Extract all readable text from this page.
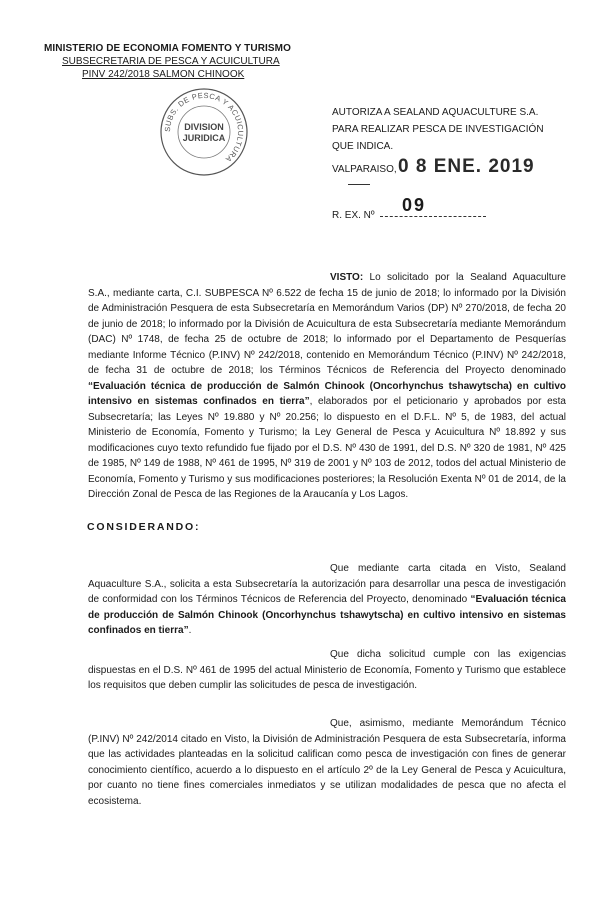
MINISTERIO DE ECONOMIA FOMENTO Y TURISMO
SUBSECRETARIA DE PESCA Y ACUICULTURA
PINV 242/2018 SALMON CHINOOK
SUBS. DE PESCA Y ACUICULTURA
DIVISION
JURIDICA
AUTORIZA A SEALAND AQUACULTURE S.A. PARA REALIZAR PESCA DE INVESTIGACIÓN QUE INDICA.
VALPARAISO, 0 8 ENE. 2019
R. EX. Nº
09
VISTO: Lo solicitado por la Sealand Aquaculture S.A., mediante carta, C.I. SUBPESCA Nº 6.522 de fecha 15 de junio de 2018; lo informado por la División de Administración Pesquera de esta Subsecretaría en Memorándum Varios (DP) Nº 270/2018, de fecha 20 de junio de 2018; lo informado por la División de Acuicultura de esta Subsecretaría mediante Memorándum (DAC) Nº 1748, de fecha 25 de octubre de 2018; lo informado por el Departamento de Pesquerías mediante Informe Técnico (P.INV) Nº 242/2018, contenido en Memorándum Técnico (P.INV) Nº 242/2018, de fecha 31 de octubre de 2018; los Términos Técnicos de Referencia del Proyecto denominado “Evaluación técnica de producción de Salmón Chinook (Oncorhynchus tshawytscha) en cultivo intensivo en sistemas confinados en tierra”, elaborados por el peticionario y aprobados por esta Subsecretaría; las Leyes Nº 19.880 y Nº 20.256; lo dispuesto en el D.F.L. Nº 5, de 1983, del actual Ministerio de Economía, Fomento y Turismo; la Ley General de Pesca y Acuicultura Nº 18.892 y sus modificaciones cuyo texto refundido fue fijado por el D.S. Nº 430 de 1991, del D.S. Nº 320 de 1981, Nº 425 de 1985, Nº 149 de 1988, Nº 461 de 1995, Nº 319 de 2001 y Nº 103 de 2012, todos del actual Ministerio de Economía, Fomento y Turismo y sus modificaciones posteriores; la Resolución Exenta Nº 01 de 2014, de la Dirección Zonal de Pesca de las Regiones de la Araucanía y Los Lagos.
CONSIDERANDO:
Que mediante carta citada en Visto, Sealand Aquaculture S.A., solicita a esta Subsecretaría la autorización para desarrollar una pesca de investigación de conformidad con los Términos Técnicos de Referencia del Proyecto, denominado “Evaluación técnica de producción de Salmón Chinook (Oncorhynchus tshawytscha) en cultivo intensivo en sistemas confinados en tierra”.
Que dicha solicitud cumple con las exigencias dispuestas en el D.S. Nº 461 de 1995 del actual Ministerio de Economía, Fomento y Turismo que establece los requisitos que deben cumplir las solicitudes de pesca de investigación.
Que, asimismo, mediante Memorándum Técnico (P.INV) Nº 242/2014 citado en Visto, la División de Administración Pesquera de esta Subsecretaría, informa que las actividades planteadas en la solicitud califican como pesca de investigación con fines de generar conocimiento científico, acuerdo a lo dispuesto en el artículo 2º de la Ley General de Pesca y Acuicultura, por cuanto no tiene fines comerciales inmediatos y se utilizan modalidades de pesca que no afecta el ecosistema.
